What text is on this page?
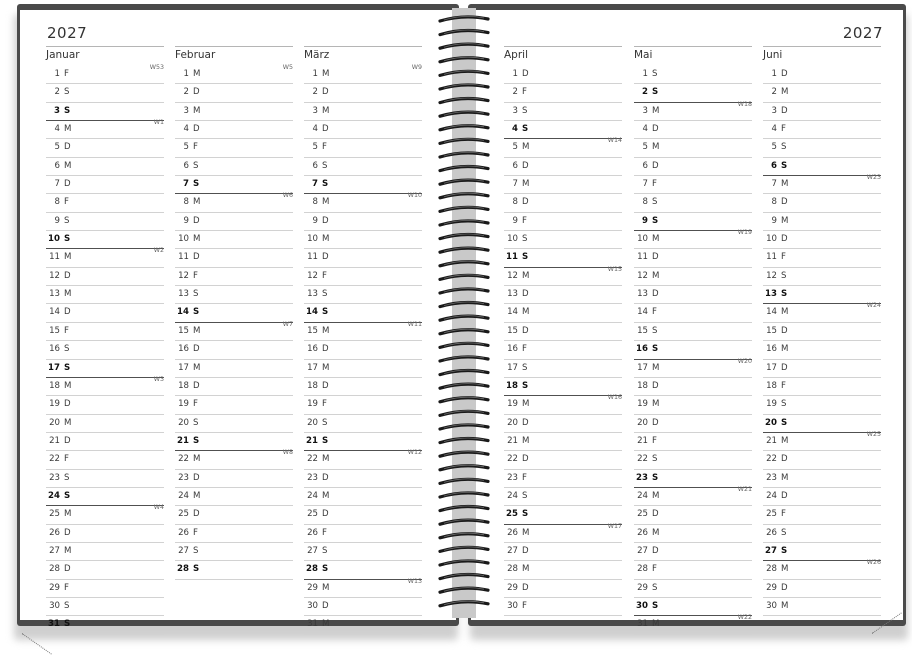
2027
Januar
1 F
W53
2 S
3 S
4 M
W1
5 D
6 M
7 D
8 F
9 S
10 S
11 M
W2
12 D
13 M
14 D
15 F
16 S
17 S
18 M
W3
19 D
20 M
21 D
22 F
23 S
24 S
25 M
W4
26 D
27 M
28 D
29 F
30 S
31 S
Februar
1 M
W5
2 D
3 M
4 D
5 F
6 S
7 S
8 M
W6
9 D
10 M
11 D
12 F
13 S
14 S
15 M
W7
16 D
17 M
18 D
19 F
20 S
21 S
22 M
W8
23 D
24 M
25 D
26 F
27 S
28 S
März
1 M
W9
2 D
3 M
4 D
5 F
6 S
7 S
8 M
W10
9 D
10 M
11 D
12 F
13 S
14 S
15 M
W11
16 D
17 M
18 D
19 F
20 S
21 S
22 M
W12
23 D
24 M
25 D
26 F
27 S
28 S
29 M
W13
30 D
31 M
2027
April
1 D
2 F
3 S
4 S
5 M
W14
6 D
7 M
8 D
9 F
10 S
11 S
12 M
W15
13 D
14 M
15 D
16 F
17 S
18 S
19 M
W16
20 D
21 M
22 D
23 F
24 S
25 S
26 M
W17
27 D
28 M
29 D
30 F
Mai
1 S
2 S
3 M
W18
4 D
5 M
6 D
7 F
8 S
9 S
10 M
W19
11 D
12 M
13 D
14 F
15 S
16 S
17 M
W20
18 D
19 M
20 D
21 F
22 S
23 S
24 M
W21
25 D
26 M
27 D
28 F
29 S
30 S
31 M
W22
Juni
1 D
2 M
3 D
4 F
5 S
6 S
7 M
W23
8 D
9 M
10 D
11 F
12 S
13 S
14 M
W24
15 D
16 M
17 D
18 F
19 S
20 S
21 M
W25
22 D
23 M
24 D
25 F
26 S
27 S
28 M
W26
29 D
30 M
